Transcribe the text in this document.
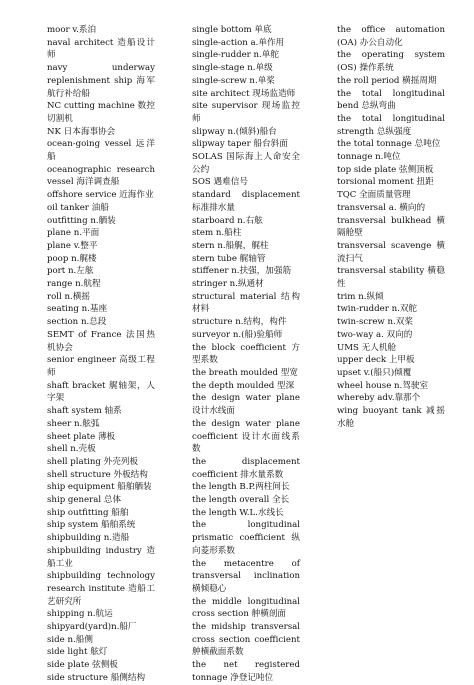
moor v.系泊
naval architect 造船设计师
navy underway replenishment ship 海军航行补给船
NC cutting machine 数控切割机
NK 日本海事协会
ocean-going vessel 远洋船
oceanographic research vessel 海洋调查船
offshore service 近海作业
oil tanker 油船
outfitting n.舾装
plane n.平面
plane v.整平
poop n.艉楼
port n.左舷
range n.航程
roll n.横摇
seating n.基座
section n.总段
SEMT of France 法国热机协会
senior engineer 高级工程师
shaft bracket 艉轴架，人字架
shaft system 轴系
sheer n.舷弧
sheet plate 薄板
shell n.壳板
shell plating 外壳列板
shell structure 外板结构
ship equipment 船舶舾装
ship general 总体
ship outfitting 船舶
ship system 船舶系统
shipbuilding n.造船
shipbuilding industry 造船工业
shipbuilding technology research institute 造船工艺研究所
shipping n.航运
shipyard(yard)n.船厂
side n.船侧
side light 舷灯
side plate 弦侧板
side structure 船侧结构
single bottom 单底
single-action a.单作用
single-rudder n.单舵
single-stage n.单级
single-screw n.单桨
site architect 现场监造师
site supervisor 现场监控师
slipway n.(倾斜)船台
slipway taper 船台斜面
SOLAS 国际海上人命安全公约
SOS 遇难信号
standard displacement 标准排水量
starboard n.右舷
stem n.船柱
stern n.船艉，艉柱
stern tube 艉轴管
stiffener n.扶强，加强筋
stringer n.纵通材
structural material 结构材料
structure n.结构，构件
surveyor n.(船)验船师
the block coefficient 方型系数
the breath moulded 型宽
the depth moulded 型深
the design water plane 设计水线面
the design water plane coefficient 设计水面线系数
the displacement coefficient 排水量系数
the length B.P.两柱间长
the length overall 全长
the length W.L.水线长
the longitudinal prismatic coefficient 纵向菱形系数
the metacentre of transversal inclination 横倾稳心
the middle longitudinal cross section 舯横剖面
the midship transversal cross section coefficient 舯横截面系数
the net registered tonnage 净登记吨位
the office automation (OA) 办公自动化
the operating system (OS) 操作系统
the roll period 横摇周期
the total longitudinal bend 总纵弯曲
the total longitudinal strength 总纵强度
the total tonnage 总吨位
tonnage n.吨位
top side plate 弦侧顶板
torsional moment 扭距
TQC 全面质量管理
transversal a. 横向的
transversal bulkhead 横隔舱壁
transversal scavenge 横流扫气
transversal stability 横稳性
trim n.纵倾
twin-rudder n.双舵
twin-screw n.双桨
two-way a. 双向的
UMS 无人机舱
upper deck 上甲板
upset v.(船只)倾覆
wheel house n.驾驶室
whereby adv.靠那个
wing buoyant tank 减摇水舱
